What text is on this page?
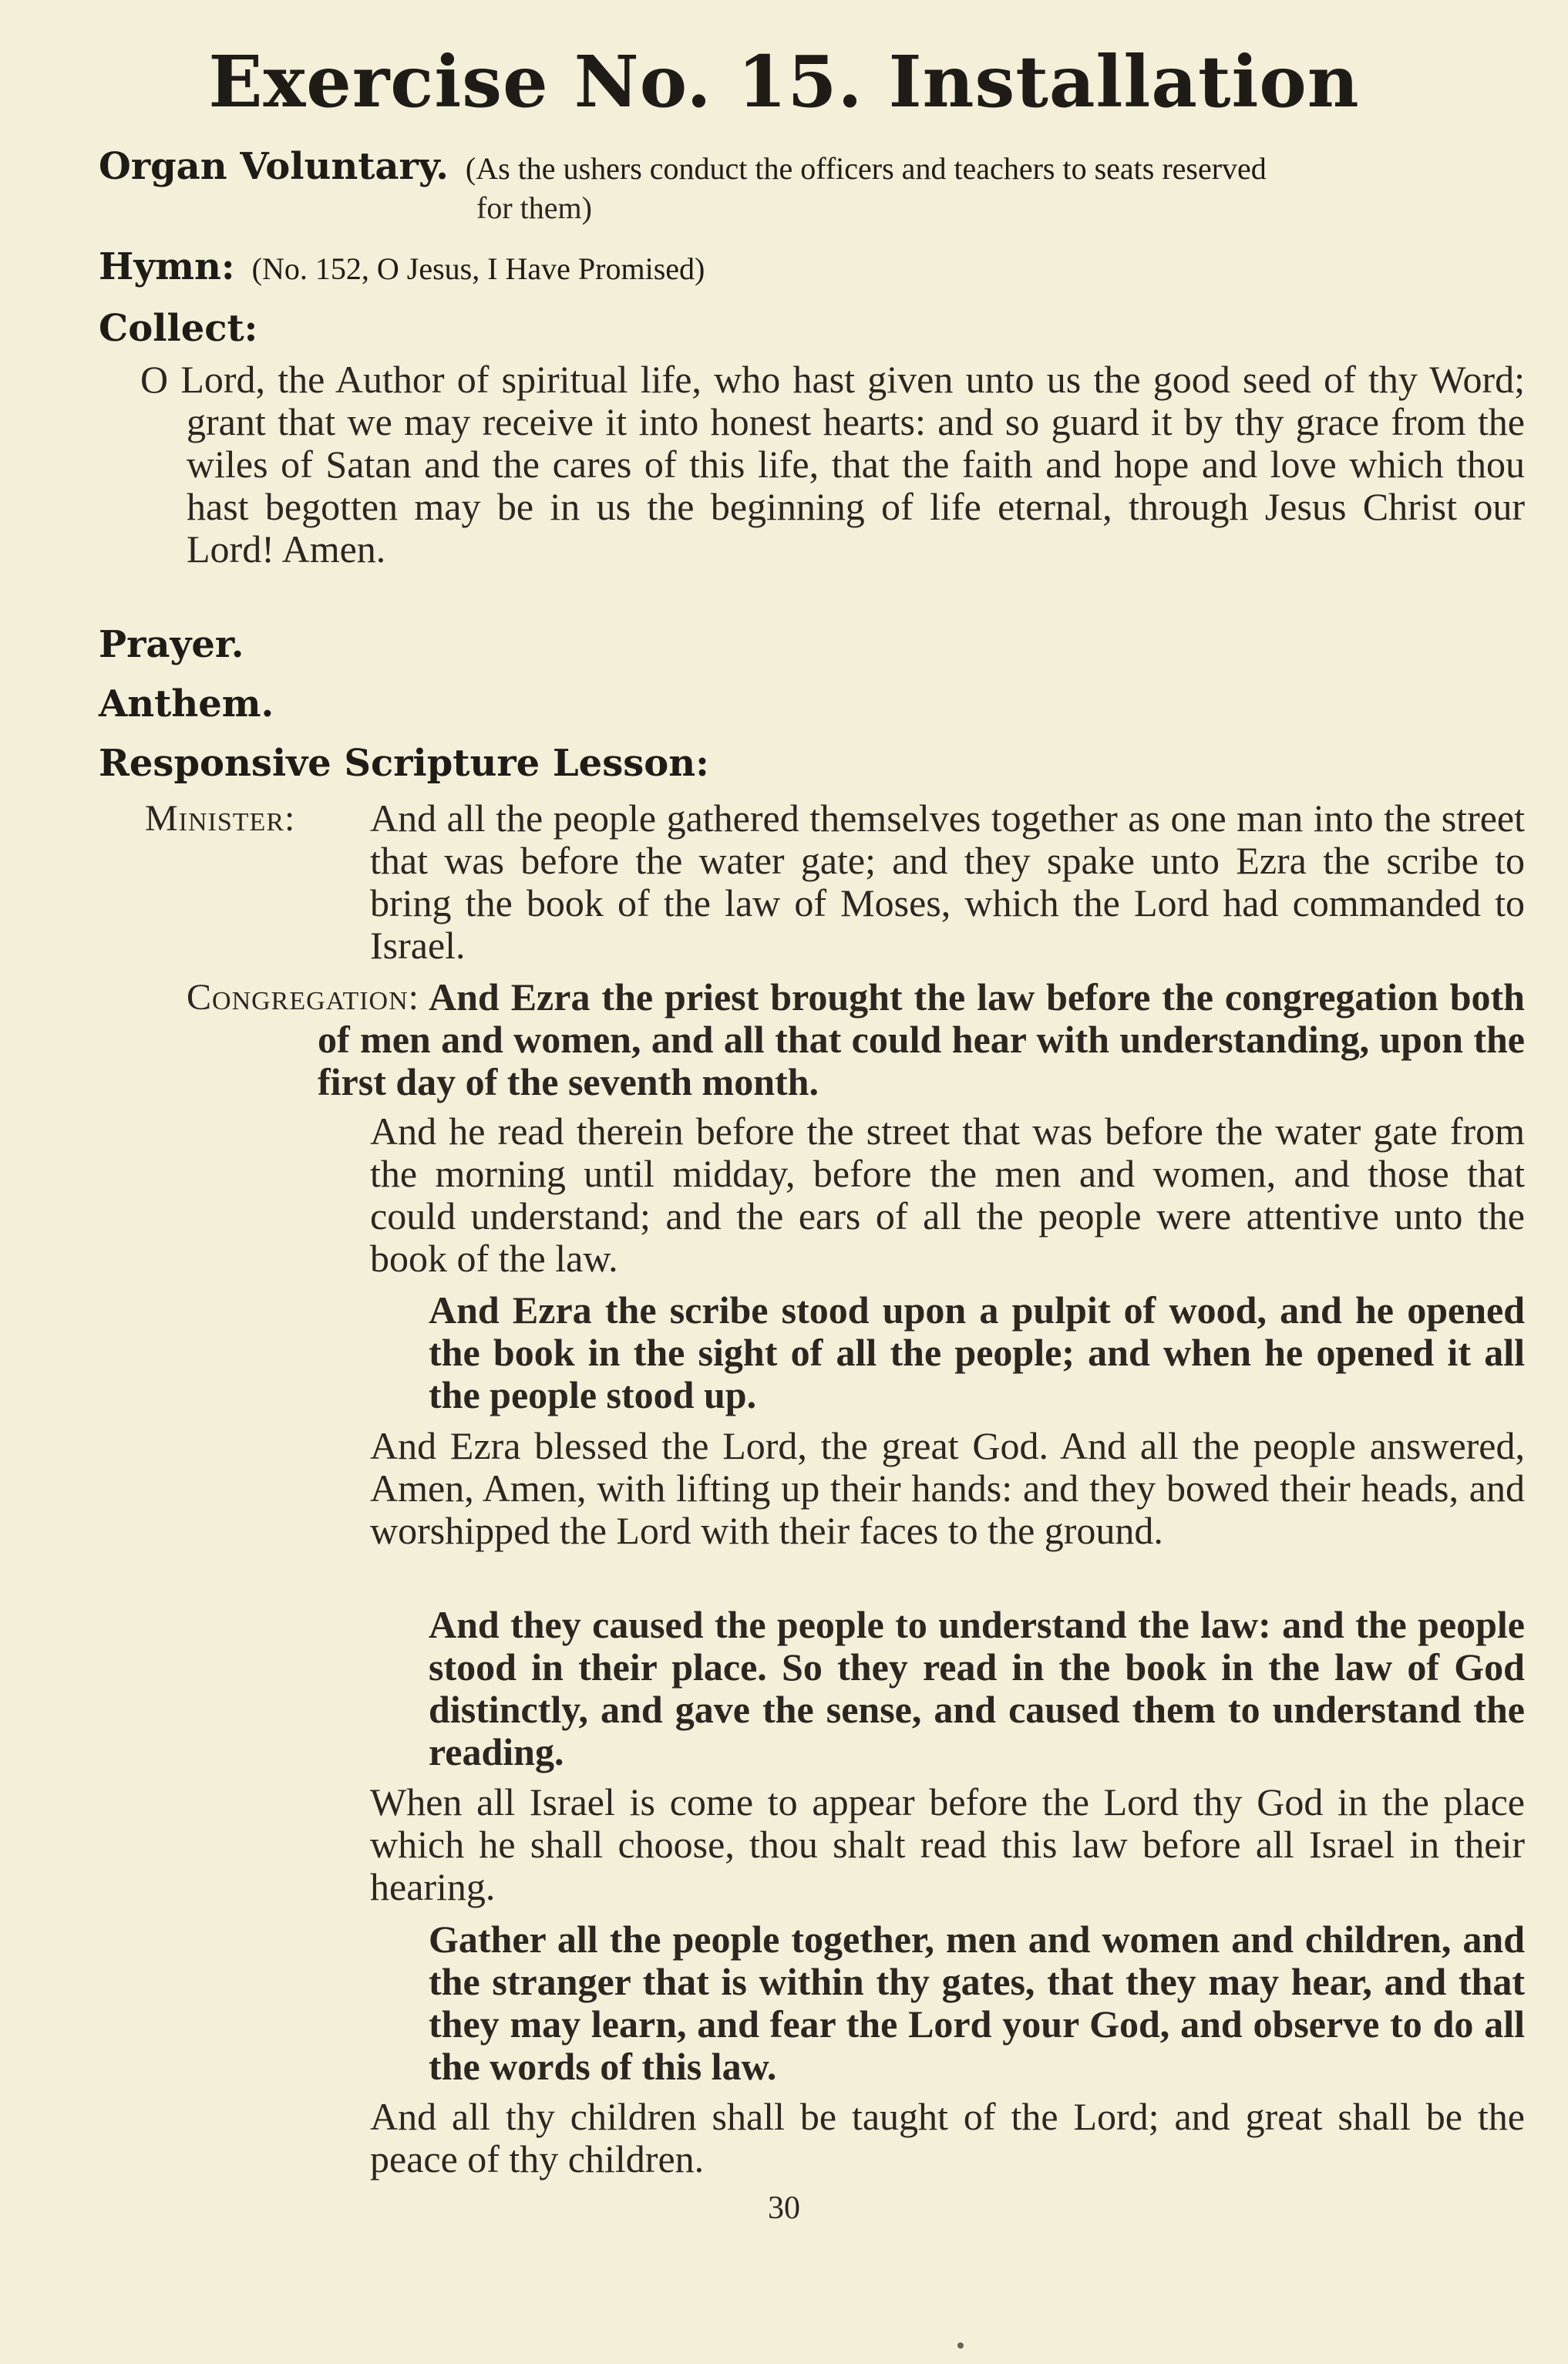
Exercise No. 15. Installation
Organ Voluntary. (As the ushers conduct the officers and teachers to seats reserved
for them)
Hymn: (No. 152, O Jesus, I Have Promised)
Collect:
O Lord, the Author of spiritual life, who hast given unto us the good seed of thy Word; grant that we may receive it into honest hearts: and so guard it by thy grace from the wiles of Satan and the cares of this life, that the faith and hope and love which thou hast begotten may be in us the beginning of life eternal, through Jesus Christ our Lord! Amen.
Prayer.
Anthem.
Responsive Scripture Lesson:
Minister: And all the people gathered themselves together as one man into the street that was before the water gate; and they spake unto Ezra the scribe to bring the book of the law of Moses, which the Lord had commanded to Israel.
Congregation: And Ezra the priest brought the law before the congregation both of men and women, and all that could hear with understanding, upon the first day of the seventh month.
And he read therein before the street that was before the water gate from the morning until midday, before the men and women, and those that could understand; and the ears of all the people were attentive unto the book of the law.
And Ezra the scribe stood upon a pulpit of wood, and he opened the book in the sight of all the people; and when he opened it all the people stood up.
And Ezra blessed the Lord, the great God. And all the people answered, Amen, Amen, with lifting up their hands: and they bowed their heads, and worshipped the Lord with their faces to the ground.
And they caused the people to understand the law: and the people stood in their place. So they read in the book in the law of God distinctly, and gave the sense, and caused them to understand the reading.
When all Israel is come to appear before the Lord thy God in the place which he shall choose, thou shalt read this law before all Israel in their hearing.
Gather all the people together, men and women and children, and the stranger that is within thy gates, that they may hear, and that they may learn, and fear the Lord your God, and observe to do all the words of this law.
And all thy children shall be taught of the Lord; and great shall be the peace of thy children.
30
